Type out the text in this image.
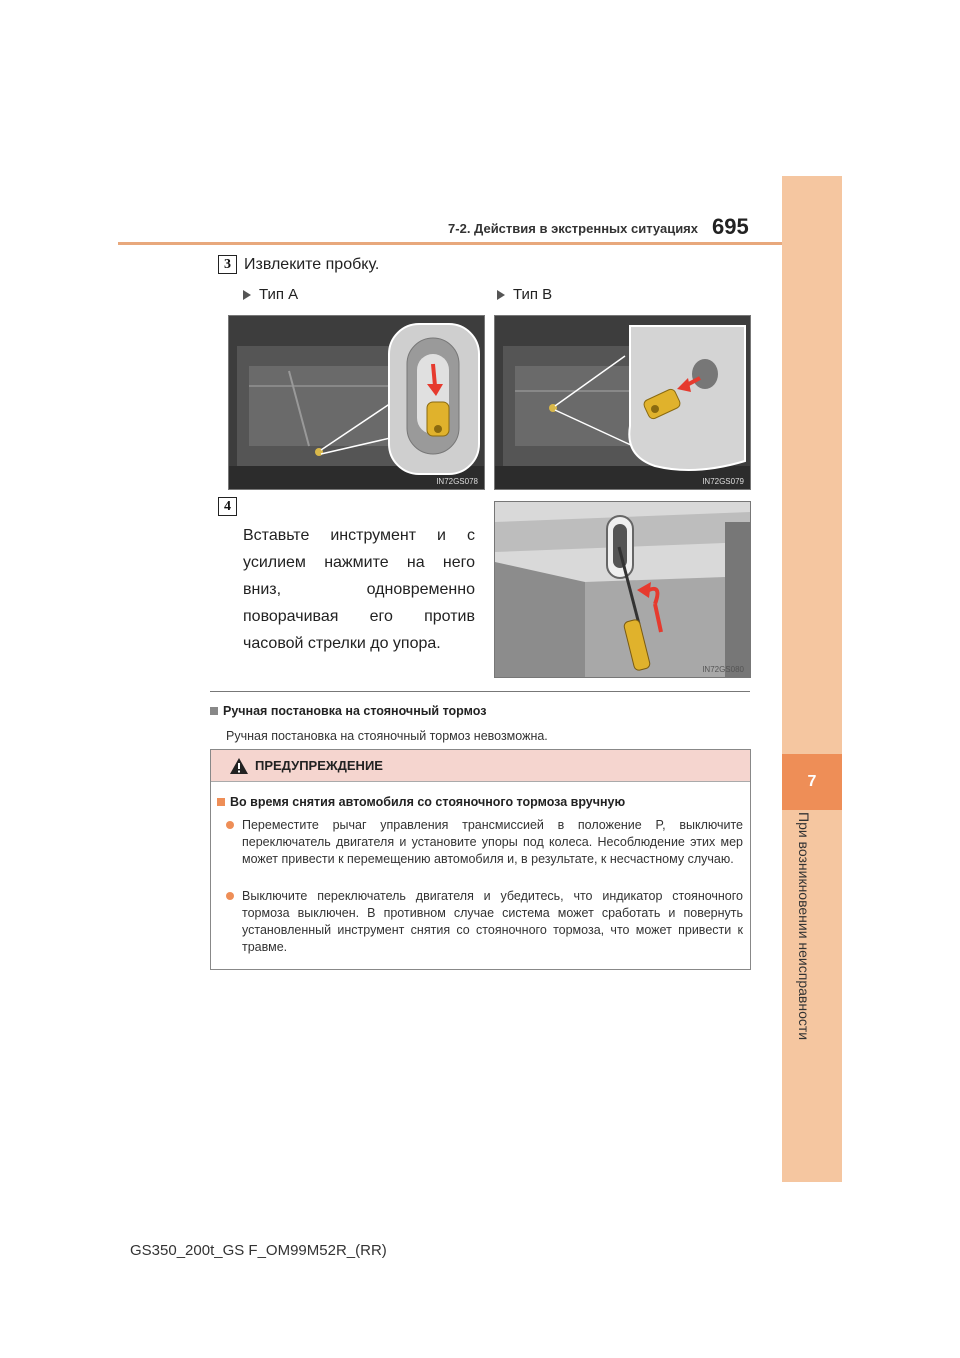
7-2. Действия в экстренных ситуациях 695
7
При возникновении неисправности
3 Извлеките пробку.
Тип A	Тип B
IN72GS078	IN72GS079
4
Вставьте инструмент и с усилием нажмите на него вниз, одновременно поворачивая его против часовой стрелки до упора.
IN72GS080
Ручная постановка на стояночный тормоз
Ручная постановка на стояночный тормоз невозможна.
ПРЕДУПРЕЖДЕНИЕ
Во время снятия автомобиля со стояночного тормоза вручную
Переместите рычаг управления трансмиссией в положение P, выключите переключатель двигателя и установите упоры под колеса. Несоблюдение этих мер может привести к перемещению автомобиля и, в результате, к несчастному случаю.
Выключите переключатель двигателя и убедитесь, что индикатор стояночного тормоза выключен. В противном случае система может сработать и повернуть установленный инструмент снятия со стояночного тормоза, что может привести к травме.
GS350_200t_GS F_OM99M52R_(RR)
